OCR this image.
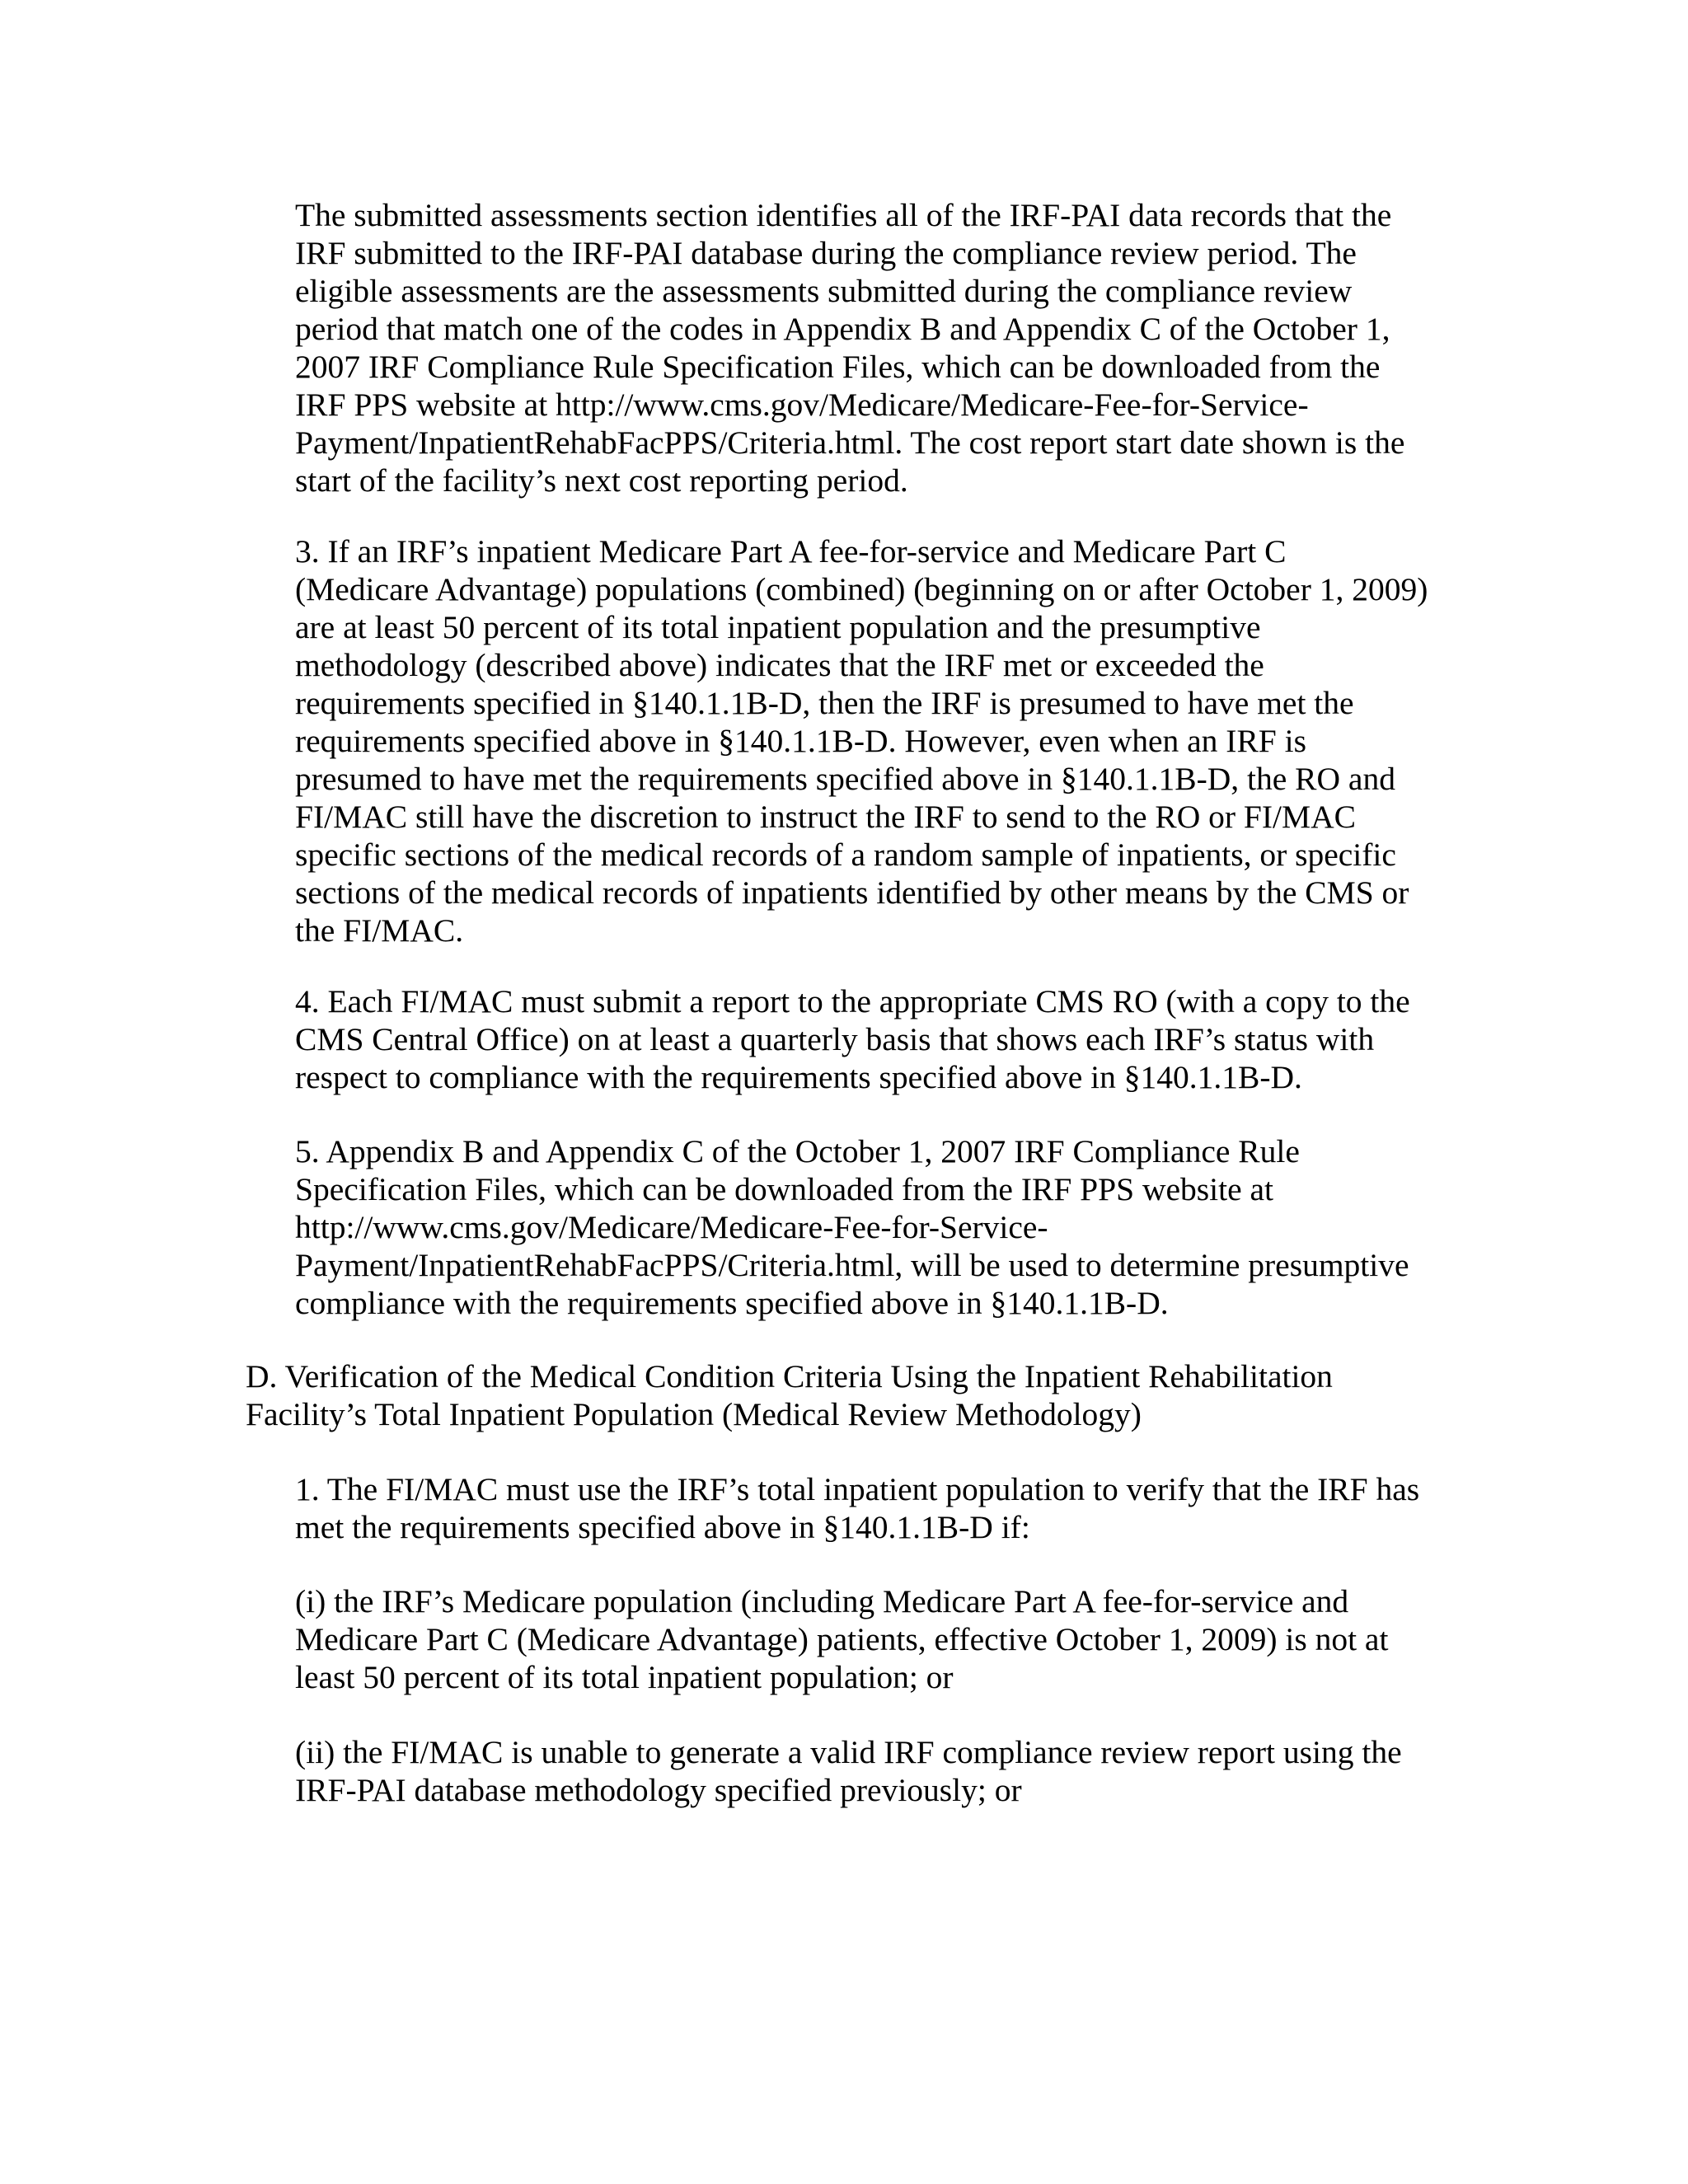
The submitted assessments section identifies all of the IRF-PAI data records that the
IRF submitted to the IRF-PAI database during the compliance review period. The
eligible assessments are the assessments submitted during the compliance review
period that match one of the codes in Appendix B and Appendix C of the October 1,
2007 IRF Compliance Rule Specification Files, which can be downloaded from the
IRF PPS website at http://www.cms.gov/Medicare/Medicare-Fee-for-Service-
Payment/InpatientRehabFacPPS/Criteria.html. The cost report start date shown is the
start of the facility’s next cost reporting period.
3. If an IRF’s inpatient Medicare Part A fee-for-service and Medicare Part C
(Medicare Advantage) populations (combined) (beginning on or after October 1, 2009)
are at least 50 percent of its total inpatient population and the presumptive
methodology (described above) indicates that the IRF met or exceeded the
requirements specified in §140.1.1B-D, then the IRF is presumed to have met the
requirements specified above in §140.1.1B-D. However, even when an IRF is
presumed to have met the requirements specified above in §140.1.1B-D, the RO and
FI/MAC still have the discretion to instruct the IRF to send to the RO or FI/MAC
specific sections of the medical records of a random sample of inpatients, or specific
sections of the medical records of inpatients identified by other means by the CMS or
the FI/MAC.
4. Each FI/MAC must submit a report to the appropriate CMS RO (with a copy to the
CMS Central Office) on at least a quarterly basis that shows each IRF’s status with
respect to compliance with the requirements specified above in §140.1.1B-D.
5. Appendix B and Appendix C of the October 1, 2007 IRF Compliance Rule
Specification Files, which can be downloaded from the IRF PPS website at
http://www.cms.gov/Medicare/Medicare-Fee-for-Service-
Payment/InpatientRehabFacPPS/Criteria.html, will be used to determine presumptive
compliance with the requirements specified above in §140.1.1B-D.
D. Verification of the Medical Condition Criteria Using the Inpatient Rehabilitation
Facility’s Total Inpatient Population (Medical Review Methodology)
1. The FI/MAC must use the IRF’s total inpatient population to verify that the IRF has
met the requirements specified above in §140.1.1B-D if:
(i) the IRF’s Medicare population (including Medicare Part A fee-for-service and
Medicare Part C (Medicare Advantage) patients, effective October 1, 2009) is not at
least 50 percent of its total inpatient population; or
(ii) the FI/MAC is unable to generate a valid IRF compliance review report using the
IRF-PAI database methodology specified previously; or
